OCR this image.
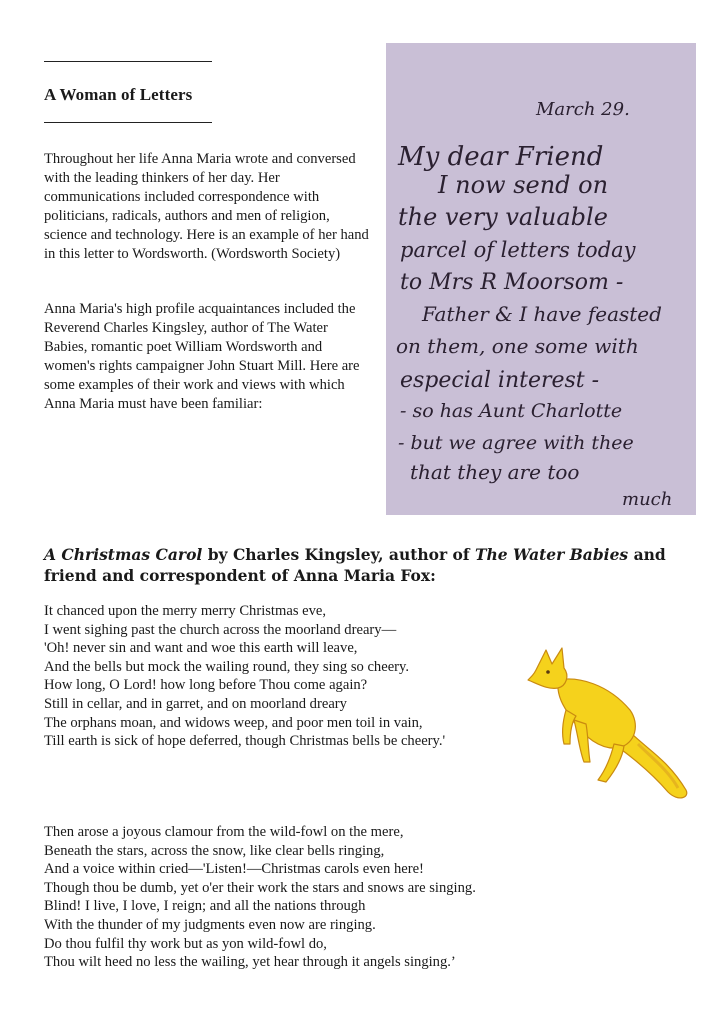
A Woman of Letters

Throughout her life Anna Maria wrote and conversed with the leading thinkers of her day. Her communications included correspondence with politicians, radicals, authors and men of religion, science and technology. Here is an example of her hand in this letter to Wordsworth. (Wordsworth Society)

Anna Maria's high profile acquaintances included the Reverend Charles Kingsley, author of The Water Babies, romantic poet William Wordsworth and women's rights campaigner John Stuart Mill. Here are some examples of their work and views with which Anna Maria must have been familiar:

March 29.
My dear Friend
I now send on
the very valuable
parcel of letters today
to Mrs R Moorsom -
Father & I have feasted
on them, one some with
especial interest -
- so has Aunt Charlotte
- but we agree with thee
that they are too
much
A Christmas Carol by Charles Kingsley, author of The Water Babies and friend and correspondent of Anna Maria Fox:
It chanced upon the merry merry Christmas eve,
I went sighing past the church across the moorland dreary—
'Oh! never sin and want and woe this earth will leave,
And the bells but mock the wailing round, they sing so cheery.
How long, O Lord! how long before Thou come again?
Still in cellar, and in garret, and on moorland dreary
The orphans moan, and widows weep, and poor men toil in vain,
Till earth is sick of hope deferred, though Christmas bells be cheery.'
Then arose a joyous clamour from the wild-fowl on the mere,
Beneath the stars, across the snow, like clear bells ringing,
And a voice within cried—'Listen!—Christmas carols even here!
Though thou be dumb, yet o'er their work the stars and snows are singing.
Blind! I live, I love, I reign; and all the nations through
With the thunder of my judgments even now are ringing.
Do thou fulfil thy work but as yon wild-fowl do,
Thou wilt heed no less the wailing, yet hear through it angels singing.’
